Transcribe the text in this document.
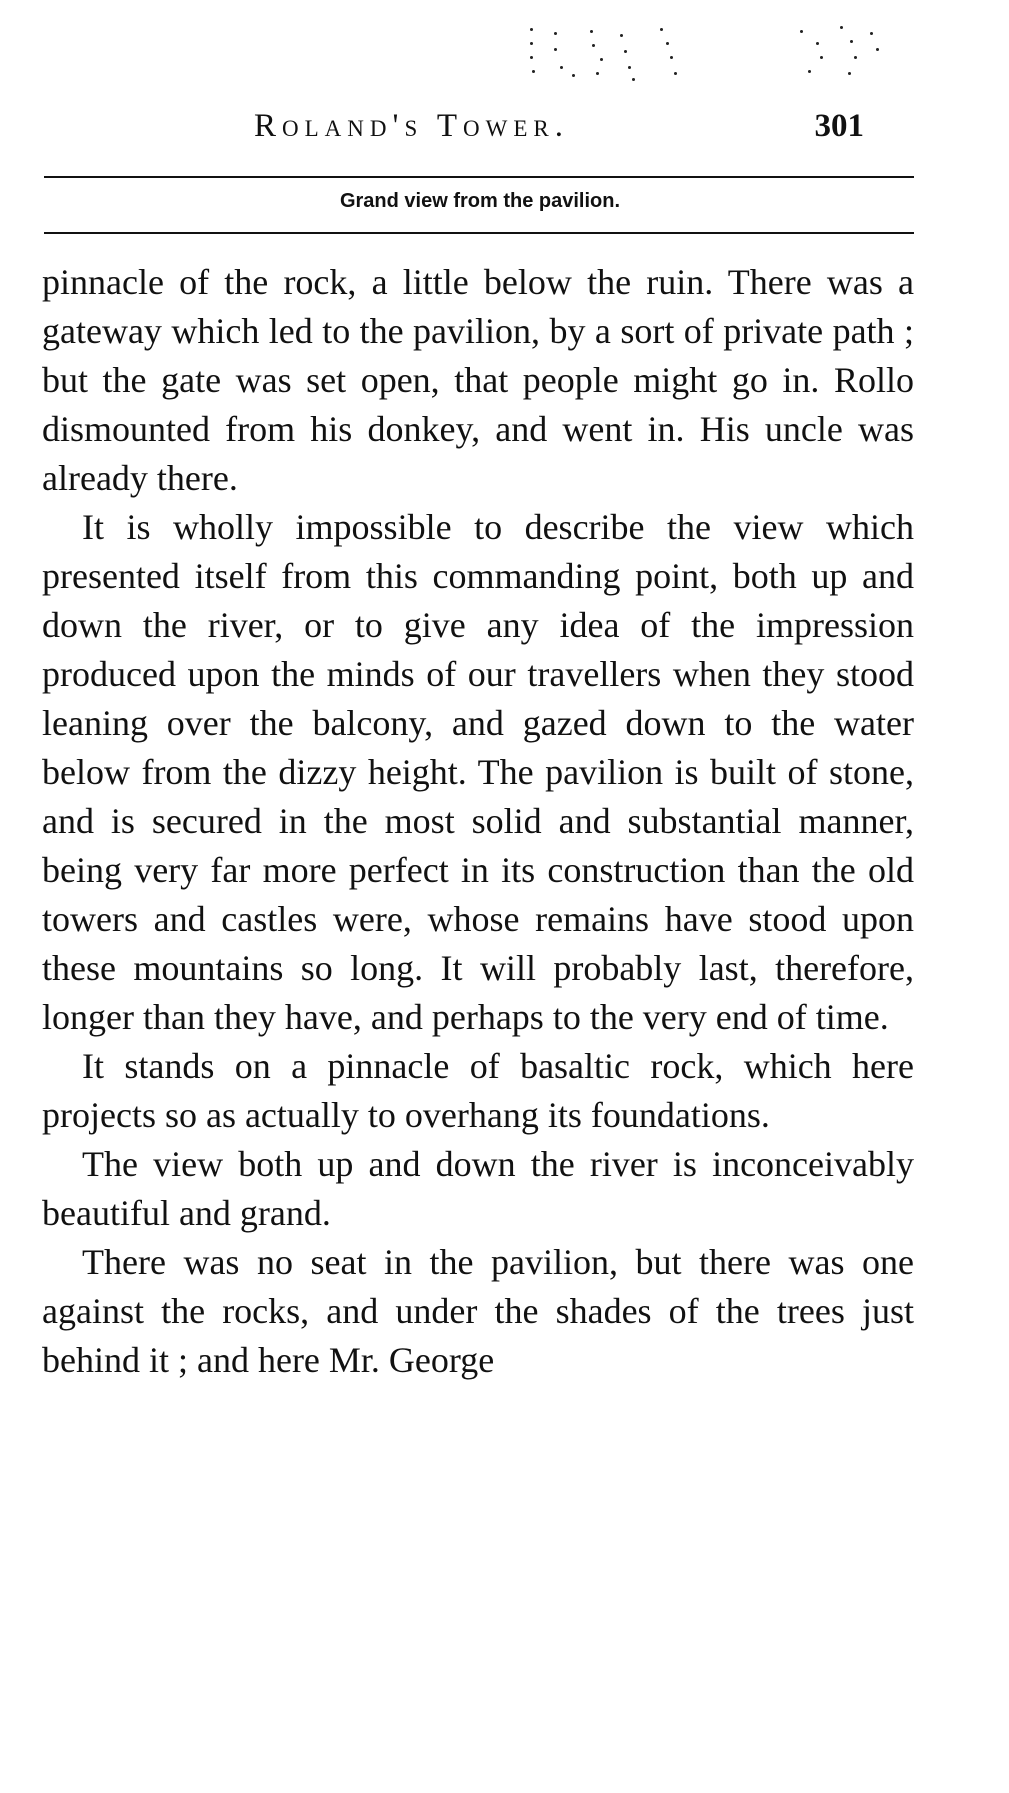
Roland's Tower.	301
Grand view from the pavilion.

pinnacle of the rock, a little below the ruin. There was a gateway which led to the pavilion, by a sort of private path ; but the gate was set open, that people might go in. Rollo dismounted from his donkey, and went in. His uncle was already there.

It is wholly impossible to describe the view which presented itself from this commanding point, both up and down the river, or to give any idea of the impression produced upon the minds of our travellers when they stood leaning over the balcony, and gazed down to the water below from the dizzy height. The pavilion is built of stone, and is secured in the most solid and substantial manner, being very far more perfect in its construction than the old towers and castles were, whose remains have stood upon these mountains so long. It will probably last, therefore, longer than they have, and perhaps to the very end of time.

It stands on a pinnacle of basaltic rock, which here projects so as actually to overhang its foundations.

The view both up and down the river is inconceivably beautiful and grand.

There was no seat in the pavilion, but there was one against the rocks, and under the shades of the trees just behind it ; and here Mr. George
